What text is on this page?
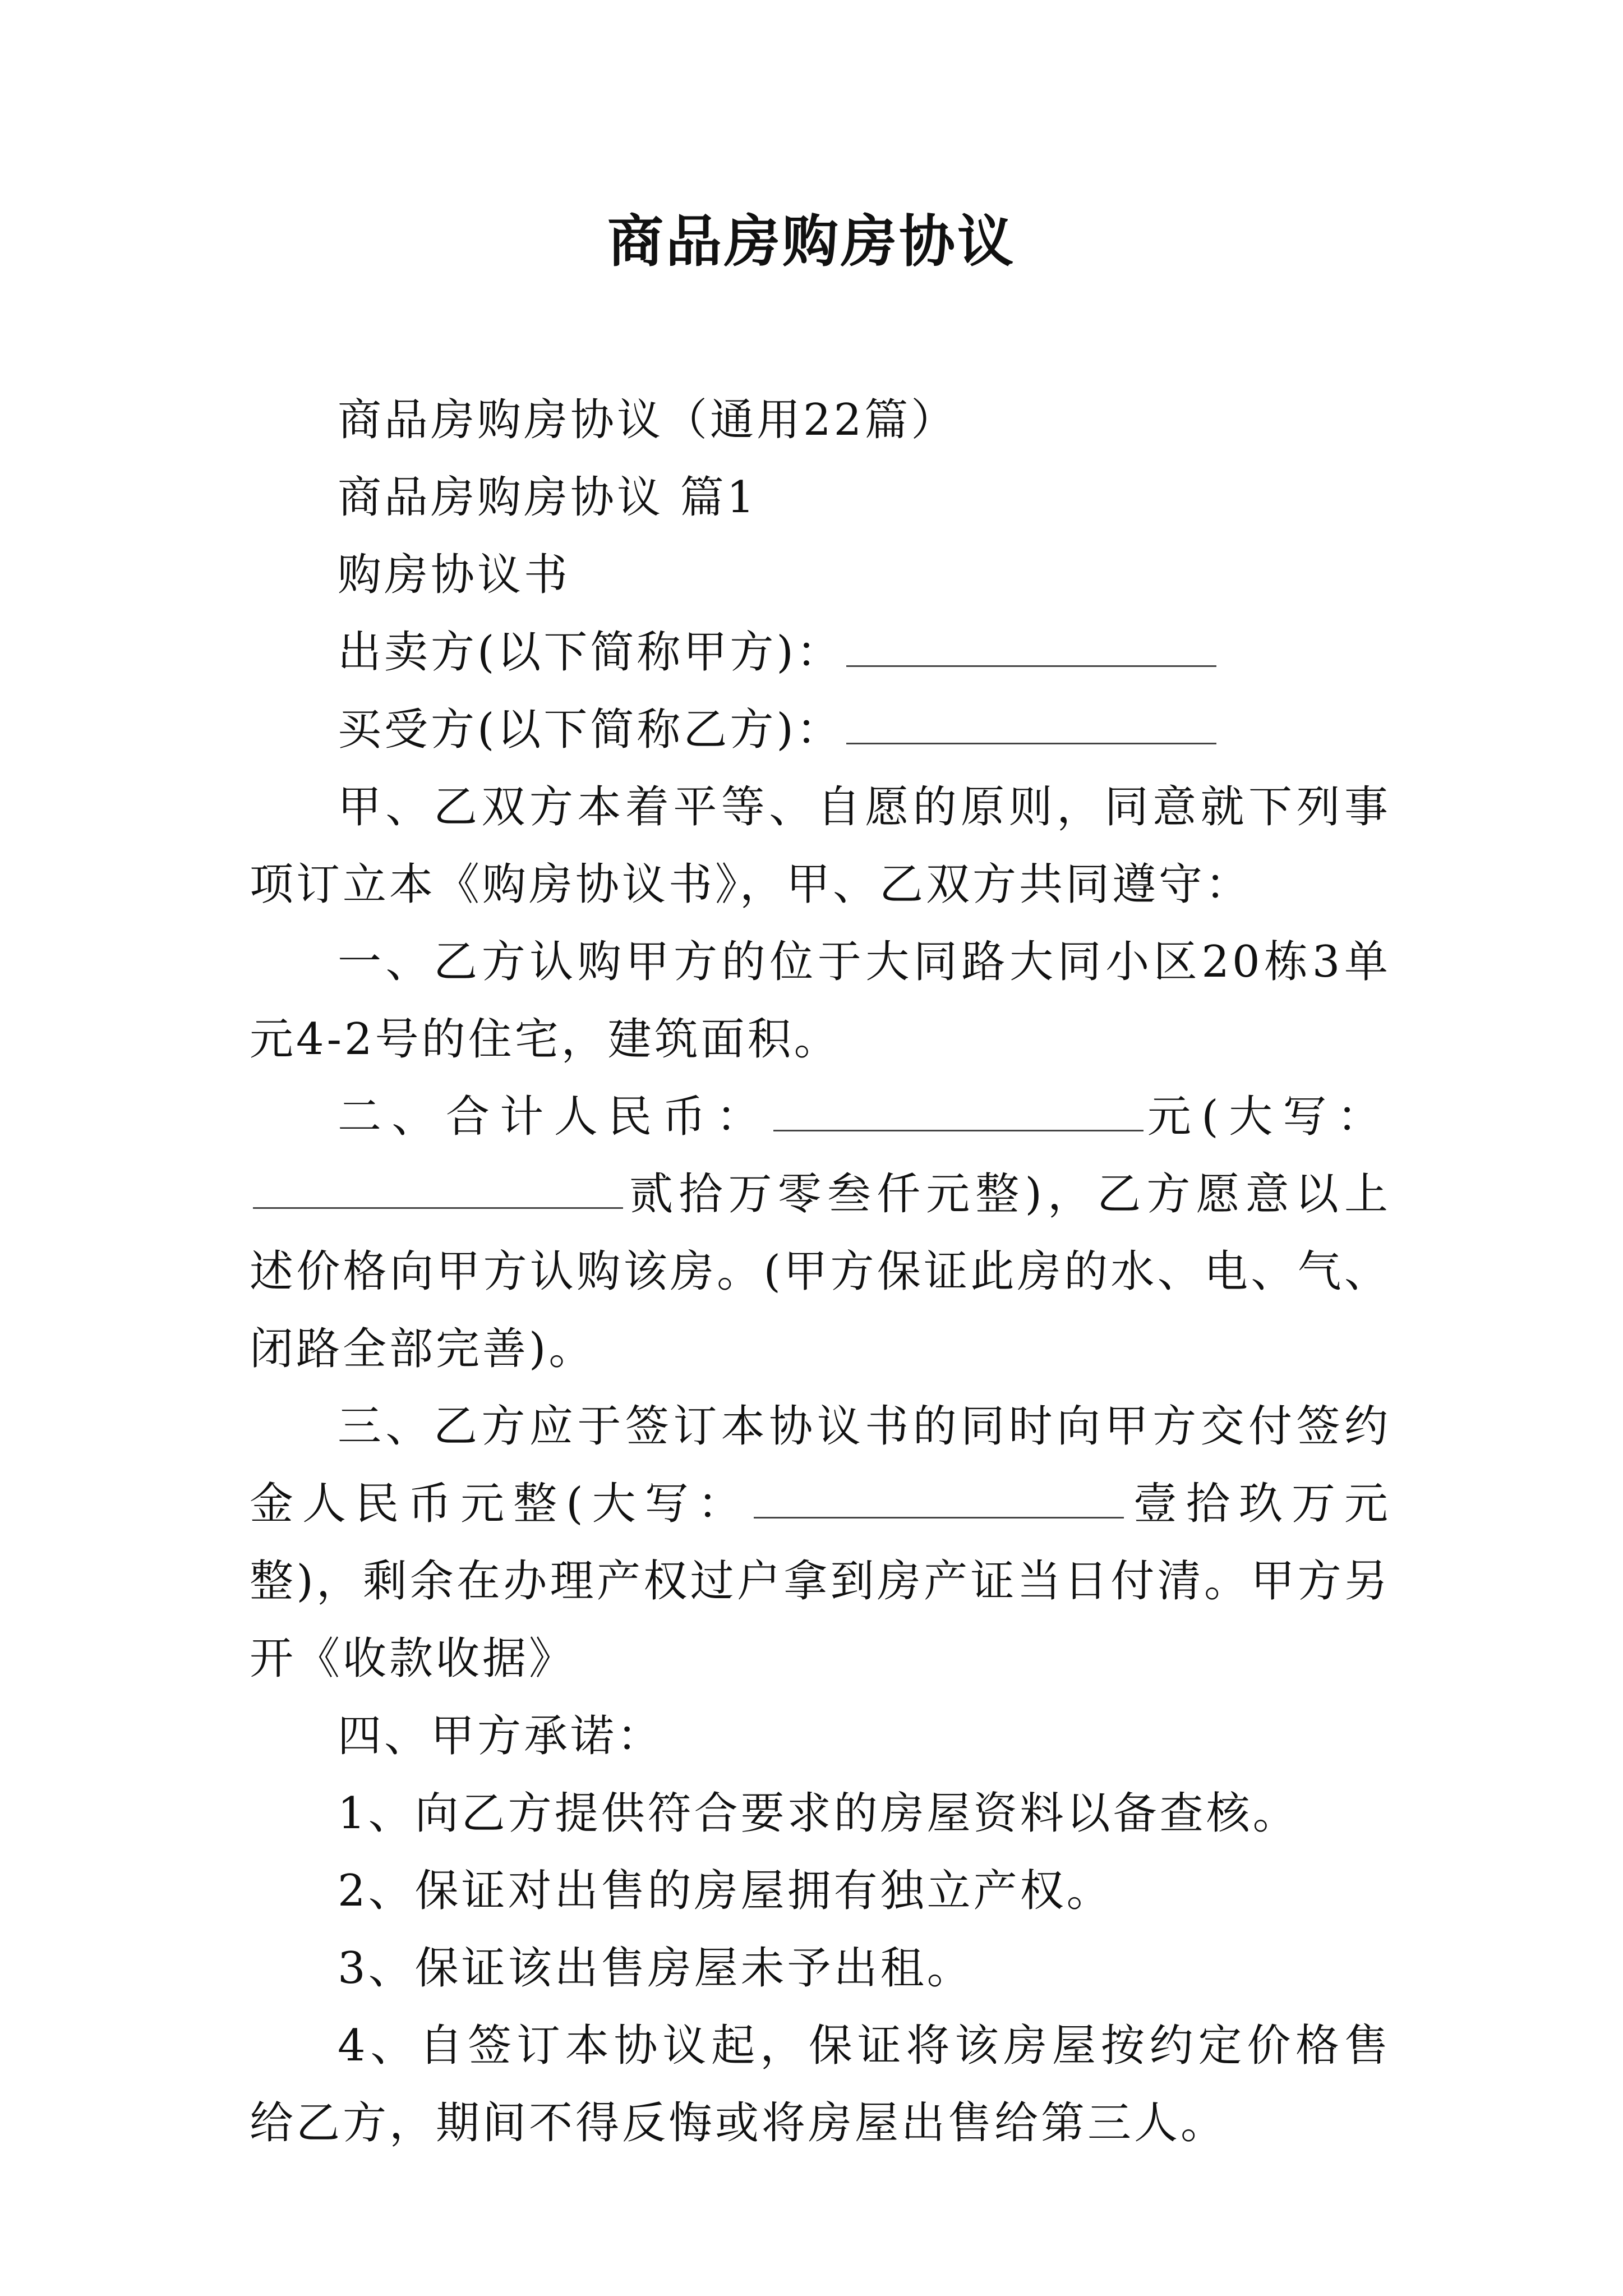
商品房购房协议

商品房购房协议（通用22篇）

商品房购房协议 篇1

购房协议书

出卖方(以下简称甲方)：

买受方(以下简称乙方)：

甲、乙双方本着平等、自愿的原则，同意就下列事项订立本《购房协议书》，甲、乙双方共同遵守：

一、乙方认购甲方的位于大同路大同小区20栋3单元4-2号的住宅，建筑面积。

二、合计人民币：	元(大写：贰拾万零叁仟元整)，乙方愿意以上述价格向甲方认购该房。(甲方保证此房的水、电、气、闭路全部完善)。

三、乙方应于签订本协议书的同时向甲方交付签约金人民币元整(大写：	壹拾玖万元整)，剩余在办理产权过户拿到房产证当日付清。甲方另开《收款收据》

四、甲方承诺：

1、向乙方提供符合要求的房屋资料以备查核。

2、保证对出售的房屋拥有独立产权。

3、保证该出售房屋未予出租。

4、自签订本协议起，保证将该房屋按约定价格售给乙方，期间不得反悔或将房屋出售给第三人。
